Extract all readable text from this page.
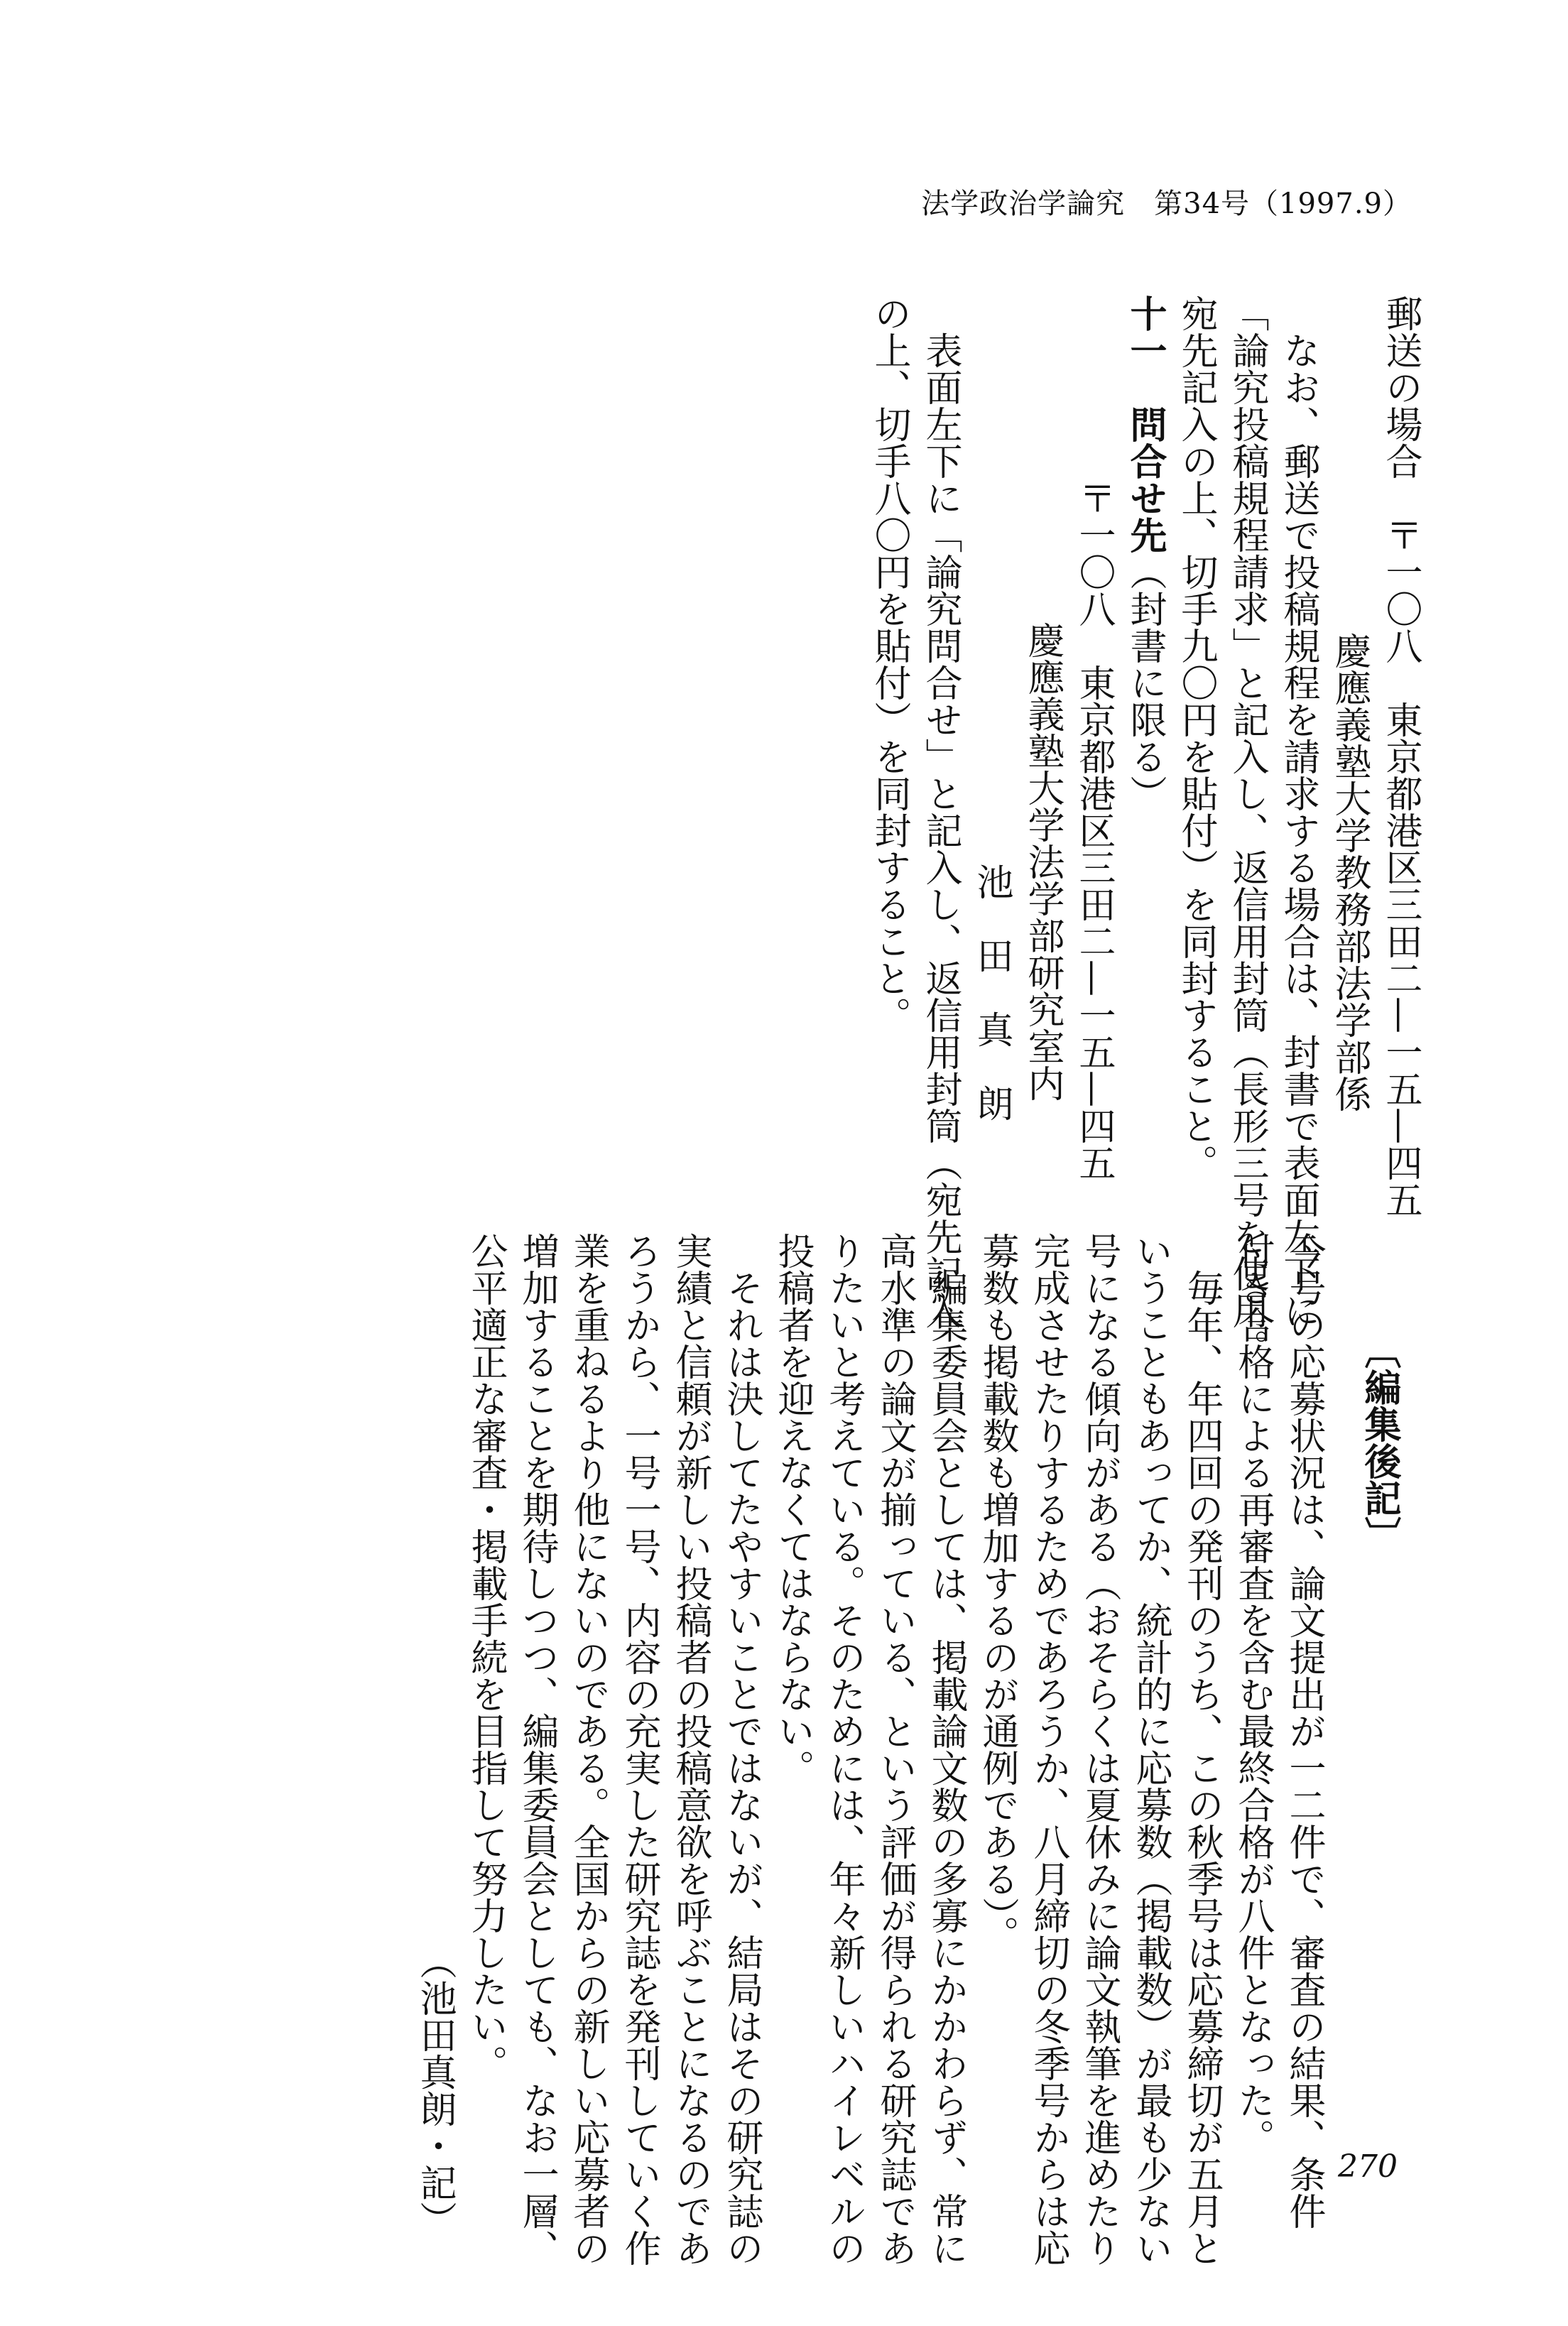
法学政治学論究　第34号（1997.9）
郵送の場合　〒一〇八　東京都港区三田二—一五—四五
慶應義塾大学教務部法学部係
なお、郵送で投稿規程を請求する場合は、封書で表面左下に
「論究投稿規程請求」と記入し、返信用封筒（長形三号を使用。
宛先記入の上、切手九〇円を貼付）を同封すること。
十一　問合せ先（封書に限る）
〒一〇八　東京都港区三田二—一五—四五
慶應義塾大学法学部研究室内
池　田　真　朗
表面左下に「論究問合せ」と記入し、返信用封筒（宛先記入
の上、切手八〇円を貼付）を同封すること。
〔編集後記〕
今号の応募状況は、論文提出が一二件で、審査の結果、条件
付き合格による再審査を含む最終合格が八件となった。
毎年、年四回の発刊のうち、この秋季号は応募締切が五月と
いうこともあってか、統計的に応募数（掲載数）が最も少ない
号になる傾向がある（おそらくは夏休みに論文執筆を進めたり
完成させたりするためであろうか、八月締切の冬季号からは応
募数も掲載数も増加するのが通例である）。
編集委員会としては、掲載論文数の多寡にかかわらず、常に
高水準の論文が揃っている、という評価が得られる研究誌であ
りたいと考えている。そのためには、年々新しいハイレベルの
投稿者を迎えなくてはならない。
それは決してたやすいことではないが、結局はその研究誌の
実績と信頼が新しい投稿者の投稿意欲を呼ぶことになるのであ
ろうから、一号一号、内容の充実した研究誌を発刊していく作
業を重ねるより他にないのである。全国からの新しい応募者の
増加することを期待しつつ、編集委員会としても、なお一層、
公平適正な審査・掲載手続を目指して努力したい。
（池田真朗・記）	270
